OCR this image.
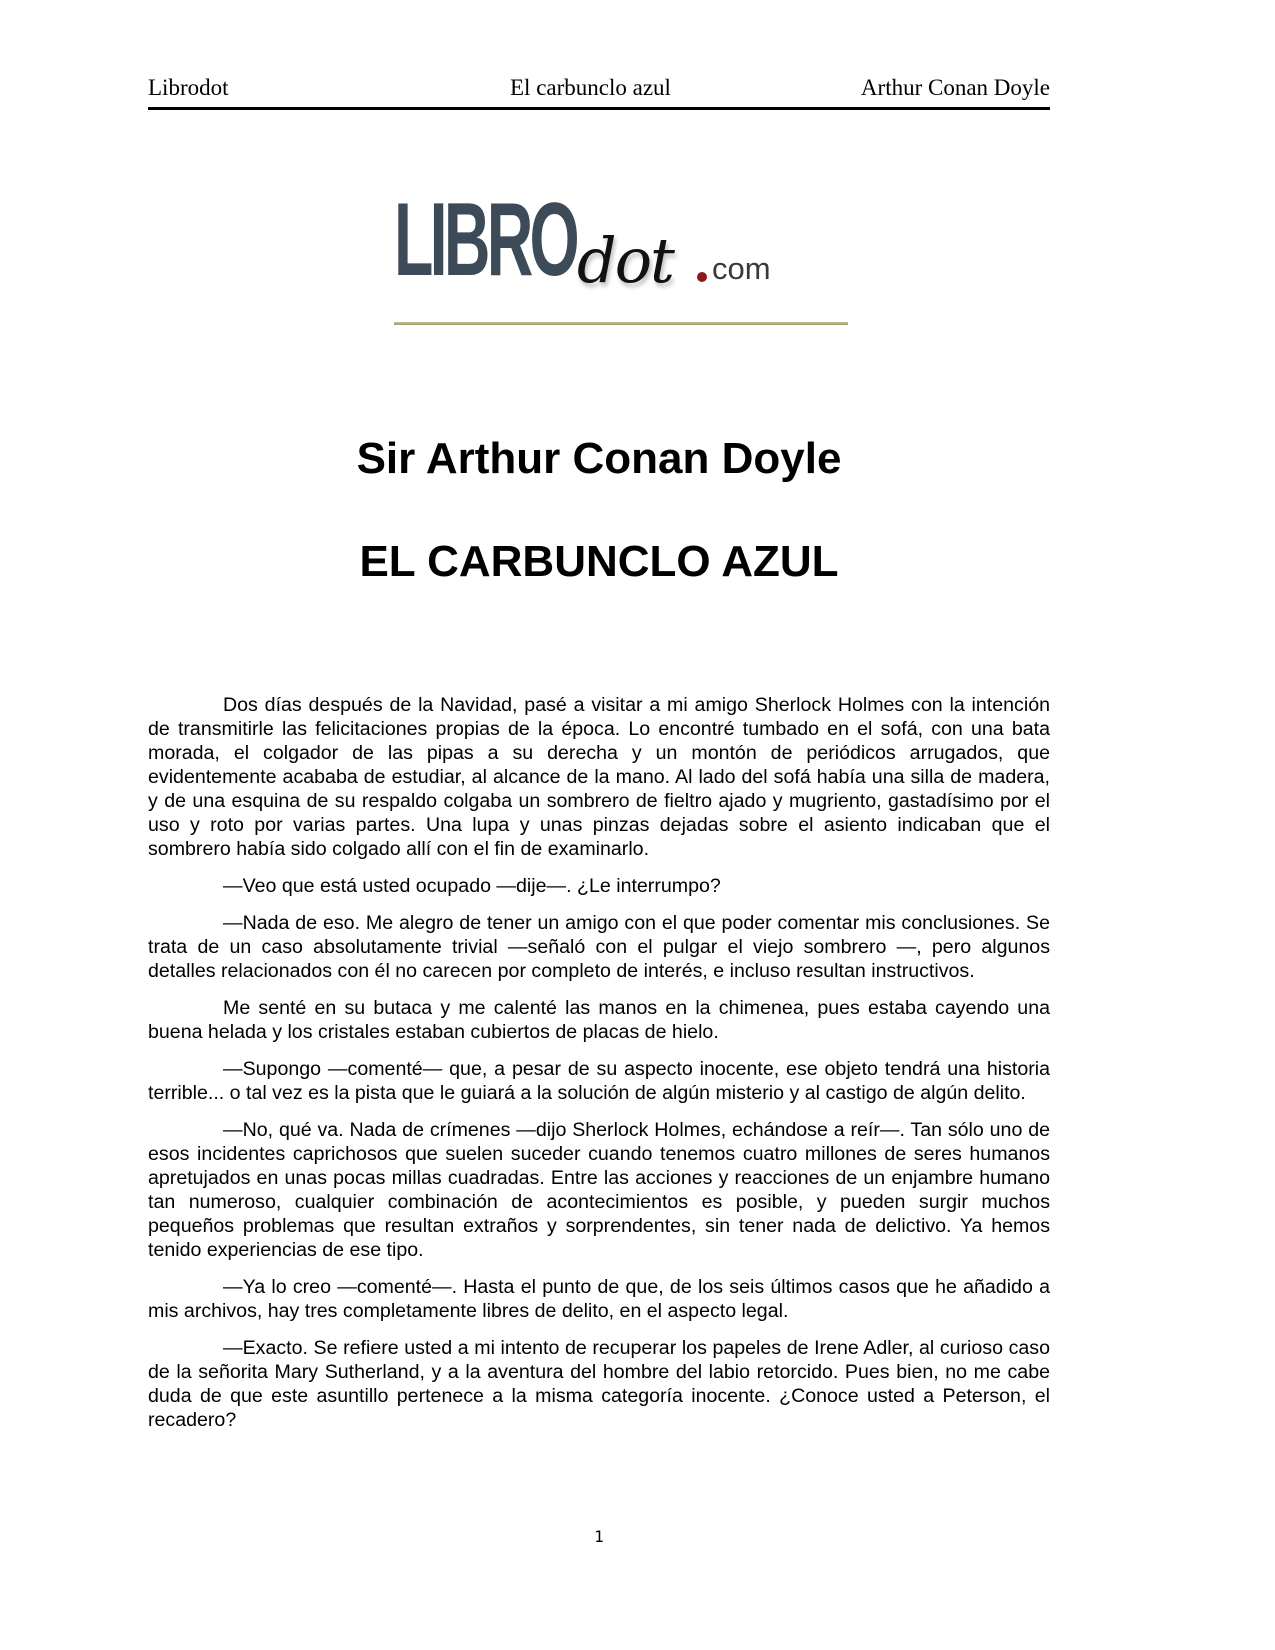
Librodot	El carbunclo azul	Arthur Conan Doyle
LIBRO dot com
Sir Arthur Conan Doyle
EL CARBUNCLO AZUL

Dos días después de la Navidad, pasé a visitar a mi amigo Sherlock Holmes con la intención de transmitirle las felicitaciones propias de la época. Lo encontré tumbado en el sofá, con una bata morada, el colgador de las pipas a su derecha y un montón de periódicos arrugados, que evidentemente acababa de estudiar, al alcance de la mano. Al lado del sofá había una silla de madera, y de una esquina de su respaldo colgaba un sombrero de fieltro ajado y mugriento, gastadísimo por el uso y roto por varias partes. Una lupa y unas pinzas dejadas sobre el asiento indicaban que el sombrero había sido colgado allí con el fin de examinarlo.

—Veo que está usted ocupado —dije—. ¿Le interrumpo?

—Nada de eso. Me alegro de tener un amigo con el que poder comentar mis conclusiones. Se trata de un caso absolutamente trivial —señaló con el pulgar el viejo sombrero —, pero algunos detalles relacionados con él no carecen por completo de interés, e incluso resultan instructivos.

Me senté en su butaca y me calenté las manos en la chimenea, pues estaba cayendo una buena helada y los cristales estaban cubiertos de placas de hielo.

—Supongo —comenté— que, a pesar de su aspecto inocente, ese objeto tendrá una historia terrible... o tal vez es la pista que le guiará a la solución de algún misterio y al castigo de algún delito.

—No, qué va. Nada de crímenes —dijo Sherlock Holmes, echándose a reír—. Tan sólo uno de esos incidentes caprichosos que suelen suceder cuando tenemos cuatro millones de seres humanos apretujados en unas pocas millas cuadradas. Entre las acciones y reacciones de un enjambre humano tan numeroso, cualquier combinación de acontecimientos es posible, y pueden surgir muchos pequeños problemas que resultan extraños y sorprendentes, sin tener nada de delictivo. Ya hemos tenido experiencias de ese tipo.

—Ya lo creo —comenté—. Hasta el punto de que, de los seis últimos casos que he añadido a mis archivos, hay tres completamente libres de delito, en el aspecto legal.

—Exacto. Se refiere usted a mi intento de recuperar los papeles de Irene Adler, al curioso caso de la señorita Mary Sutherland, y a la aventura del hombre del labio retorcido. Pues bien, no me cabe duda de que este asuntillo pertenece a la misma categoría inocente. ¿Conoce usted a Peterson, el recadero?

1
